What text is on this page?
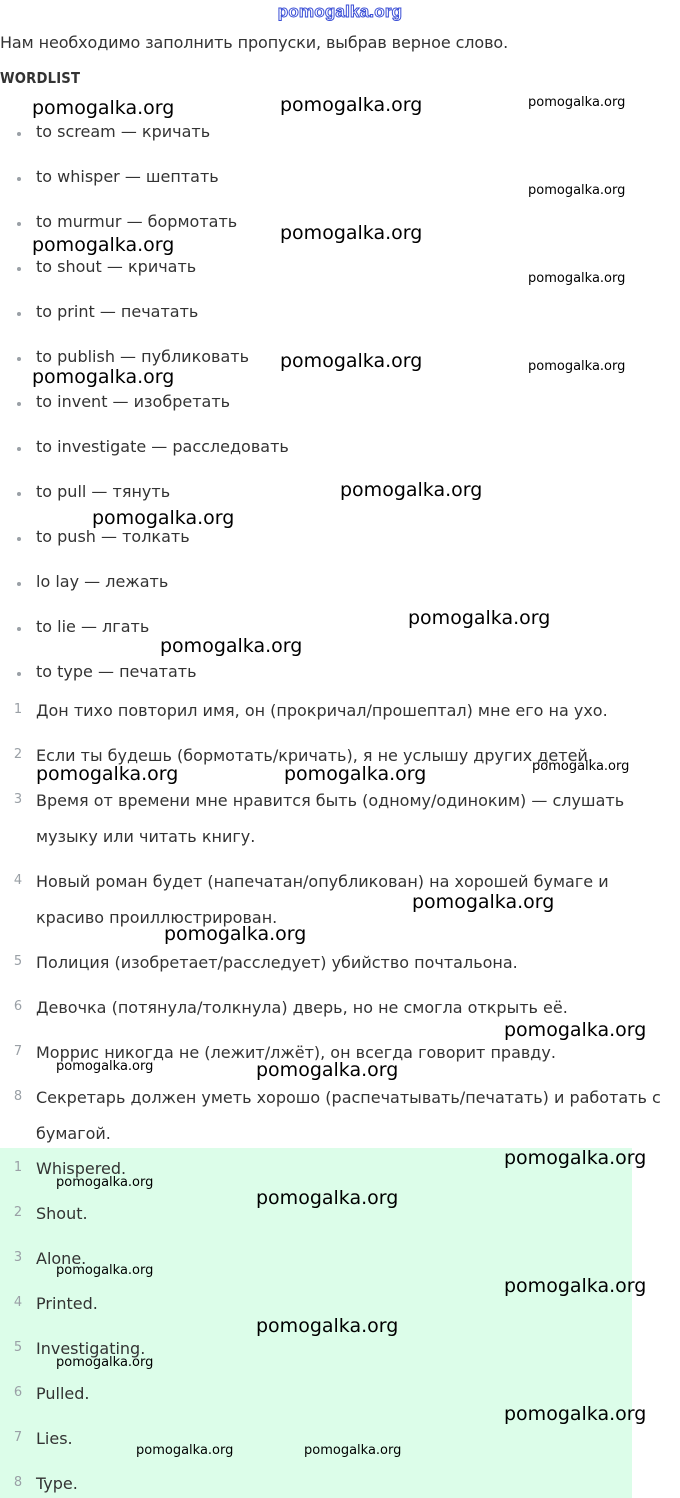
pomogalka.org
Нам необходимо заполнить пропуски, выбрав верное слово.
WORDLIST
to scream — кричать
to whisper — шептать
to murmur — бормотать
to shout — кричать
to print — печатать
to publish — публиковать
to invent — изобретать
to investigate — расследовать
to pull — тянуть
to push — толкать
lo lay — лежать
to lie — лгать
to type — печатать
1 Дон тихо повторил имя, он (прокричал/прошептал) мне его на ухо.
2 Если ты будешь (бормотать/кричать), я не услышу других детей.
3 Время от времени мне нравится быть (одному/одиноким) — слушать музыку или читать книгу.
4 Новый роман будет (напечатан/опубликован) на хорошей бумаге и красиво проиллюстрирован.
5 Полиция (изобретает/расследует) убийство почтальона.
6 Девочка (потянула/толкнула) дверь, но не смогла открыть её.
7 Моррис никогда не (лежит/лжёт), он всегда говорит правду.
8 Секретарь должен уметь хорошо (распечатывать/печатать) и работать с бумагой.
1 Whispered.
2 Shout.
3 Alone.
4 Printed.
5 Investigating.
6 Pulled.
7 Lies.
8 Type.
pomogalka.org	pomogalka.org	pomogalka.org
pomogalka.org
pomogalka.org
pomogalka.org
pomogalka.org
pomogalka.org	pomogalka.org
pomogalka.org
pomogalka.org
pomogalka.org
pomogalka.org
pomogalka.org
pomogalka.org	pomogalka.org	pomogalka.org
pomogalka.org
pomogalka.org
pomogalka.org
pomogalka.org	pomogalka.org
pomogalka.org
pomogalka.org
pomogalka.org
pomogalka.org
pomogalka.org
pomogalka.org
pomogalka.org
pomogalka.org
pomogalka.org	pomogalka.org
